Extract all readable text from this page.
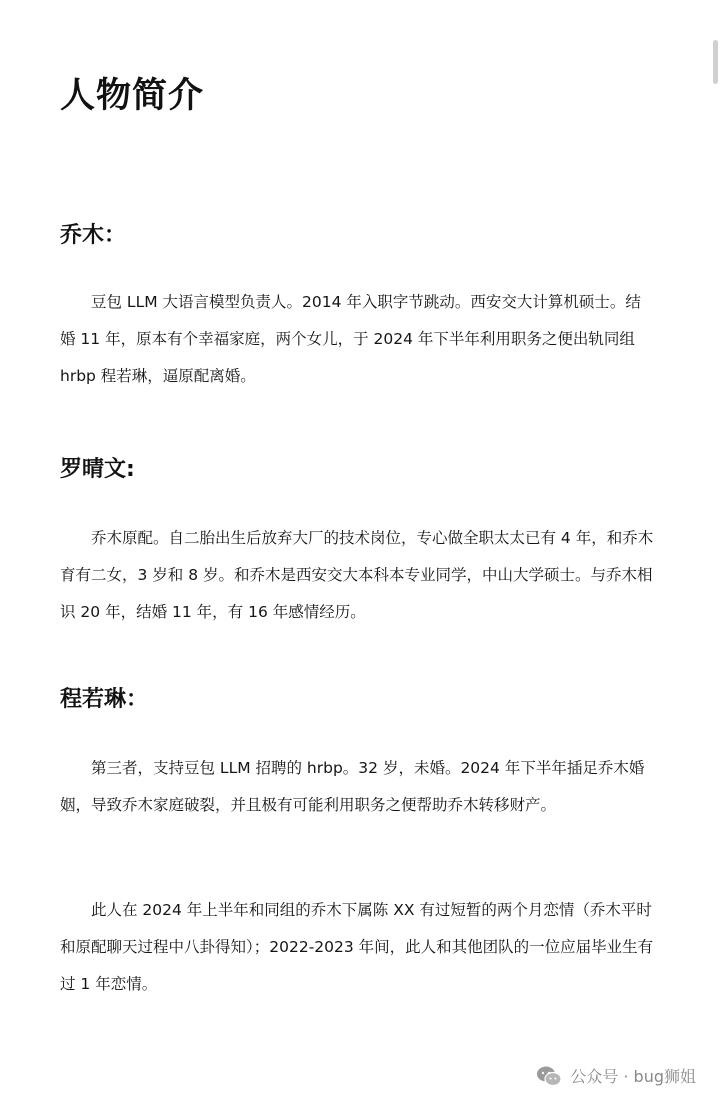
人物简介
乔木：

豆包 LLM 大语言模型负责人。2014 年入职字节跳动。西安交大计算机硕士。结婚 11 年，原本有个幸福家庭，两个女儿，于 2024 年下半年利用职务之便出轨同组 hrbp 程若琳，逼原配离婚。

罗晴文:

乔木原配。自二胎出生后放弃大厂的技术岗位，专心做全职太太已有 4 年，和乔木育有二女，3 岁和 8 岁。和乔木是西安交大本科本专业同学，中山大学硕士。与乔木相识 20 年，结婚 11 年，有 16 年感情经历。

程若琳：

第三者，支持豆包 LLM 招聘的 hrbp。32 岁，未婚。2024 年下半年插足乔木婚姻，导致乔木家庭破裂，并且极有可能利用职务之便帮助乔木转移财产。

此人在 2024 年上半年和同组的乔木下属陈 XX 有过短暂的两个月恋情（乔木平时和原配聊天过程中八卦得知）；2022-2023 年间，此人和其他团队的一位应届毕业生有过 1 年恋情。

公众号 · bug狮姐
